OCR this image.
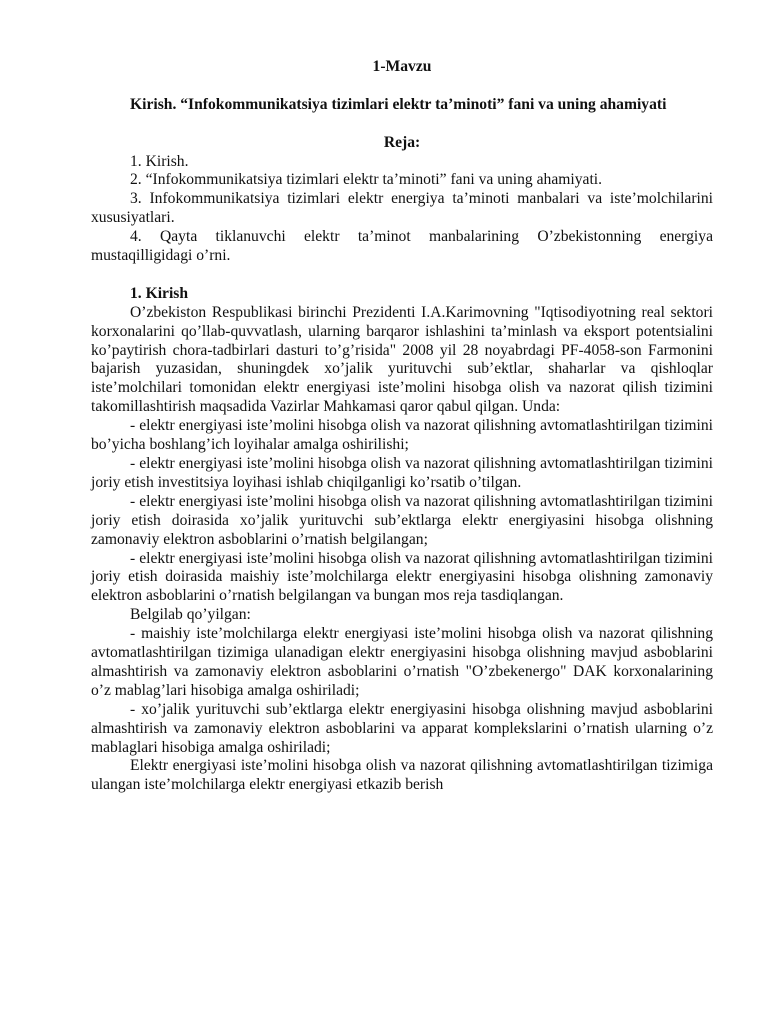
1-Mavzu

Kirish. “Infokommunikatsiya tizimlari elektr ta’minoti” fani va uning ahamiyati

Reja:

1. Kirish.

2. “Infokommunikatsiya tizimlari elektr ta’minoti” fani va uning ahamiyati.

3. Infokommunikatsiya tizimlari elektr energiya ta’minoti manbalari va iste’molchilarini xususiyatlari.

4. Qayta tiklanuvchi elektr ta’minot manbalarining O’zbekistonning energiya mustaqilligidagi o’rni.

1. Kirish

O’zbekiston Respublikasi birinchi Prezidenti I.A.Karimovning "Iqtisodiyotning real sektori korxonalarini qo’llab-quvvatlash, ularning barqaror ishlashini ta’minlash va eksport potentsialini ko’paytirish chora-tadbirlari dasturi to’g’risida" 2008 yil 28 noyabrdagi PF-4058-son Farmonini bajarish yuzasidan, shuningdek xo’jalik yurituvchi sub’ektlar, shaharlar va qishloqlar iste’molchilari tomonidan elektr energiyasi iste’molini hisobga olish va nazorat qilish tizimini takomillashtirish maqsadida Vazirlar Mahkamasi qaror qabul qilgan. Unda:

- elektr energiyasi iste’molini hisobga olish va nazorat qilishning avtomatlashtirilgan tizimini bo’yicha boshlang’ich loyihalar amalga oshirilishi;

- elektr energiyasi iste’molini hisobga olish va nazorat qilishning avtomatlashtirilgan tizimini joriy etish investitsiya loyihasi ishlab chiqilganligi ko’rsatib o’tilgan.

- elektr energiyasi iste’molini hisobga olish va nazorat qilishning avtomatlashtirilgan tizimini joriy etish doirasida xo’jalik yurituvchi sub’ektlarga elektr energiyasini hisobga olishning zamonaviy elektron asboblarini o’rnatish belgilangan;

- elektr energiyasi iste’molini hisobga olish va nazorat qilishning avtomatlashtirilgan tizimini joriy etish doirasida maishiy iste’molchilarga elektr energiyasini hisobga olishning zamonaviy elektron asboblarini o’rnatish belgilangan va bungan mos reja tasdiqlangan.

Belgilab qo’yilgan:

- maishiy iste’molchilarga elektr energiyasi iste’molini hisobga olish va nazorat qilishning avtomatlashtirilgan tizimiga ulanadigan elektr energiyasini hisobga olishning mavjud asboblarini almashtirish va zamonaviy elektron asboblarini o’rnatish "O’zbekenergo" DAK korxonalarining o’z mablag’lari hisobiga amalga oshiriladi;

- xo’jalik yurituvchi sub’ektlarga elektr energiyasini hisobga olishning mavjud asboblarini almashtirish va zamonaviy elektron asboblarini va apparat komplekslarini o’rnatish ularning o’z mablaglari hisobiga amalga oshiriladi;

Elektr energiyasi iste’molini hisobga olish va nazorat qilishning avtomatlashtirilgan tizimiga ulangan iste’molchilarga elektr energiyasi etkazib berish
